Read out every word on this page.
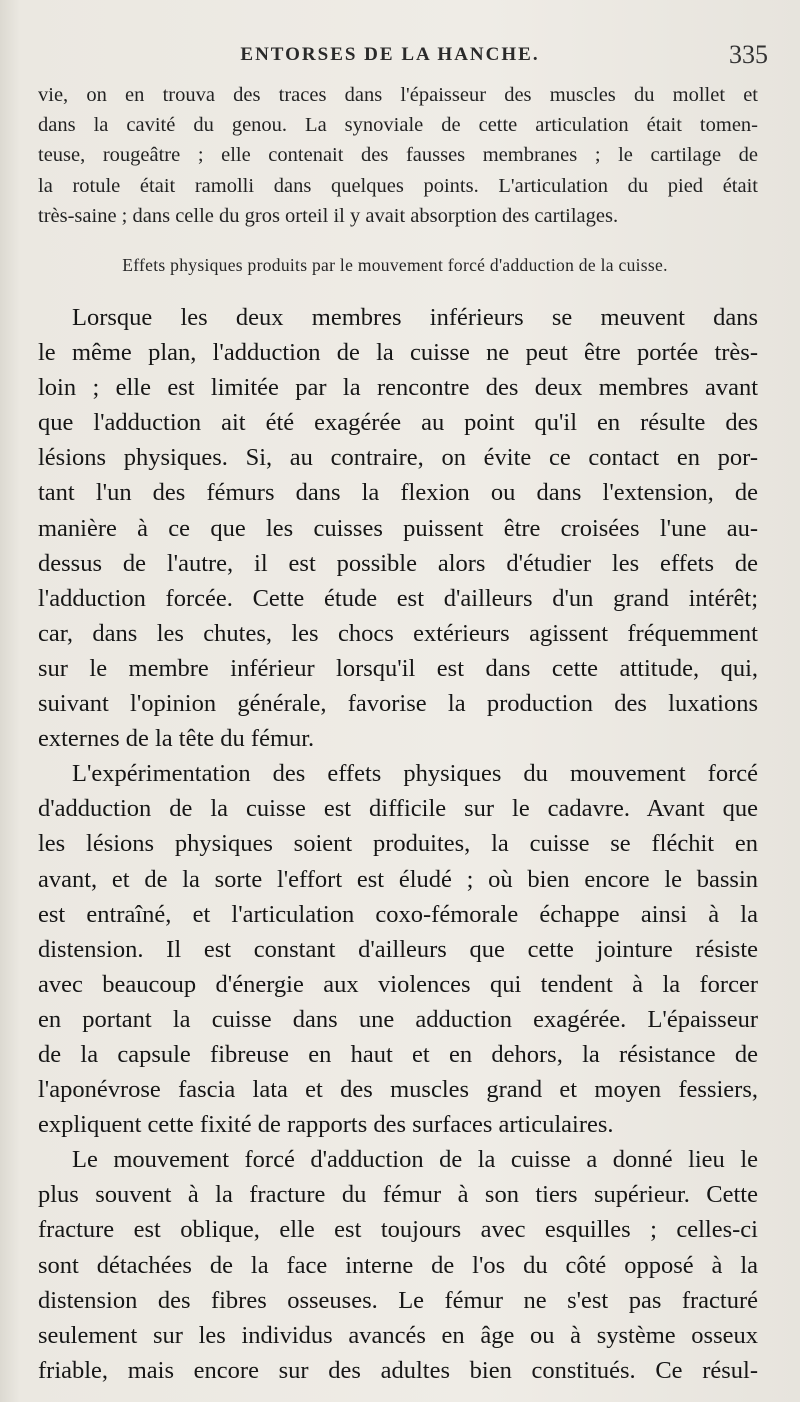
ENTORSES DE LA HANCHE.	335
vie, on en trouva des traces dans l'épaisseur des muscles du mollet et
dans la cavité du genou. La synoviale de cette articulation était tomen-
teuse, rougeâtre ; elle contenait des fausses membranes ; le cartilage de
la rotule était ramolli dans quelques points. L'articulation du pied était
très-saine ; dans celle du gros orteil il y avait absorption des cartilages.
Effets physiques produits par le mouvement forcé d'adduction de la cuisse.
Lorsque les deux membres inférieurs se meuvent dans
le même plan, l'adduction de la cuisse ne peut être portée très-
loin ; elle est limitée par la rencontre des deux membres avant
que l'adduction ait été exagérée au point qu'il en résulte des
lésions physiques. Si, au contraire, on évite ce contact en por-
tant l'un des fémurs dans la flexion ou dans l'extension, de
manière à ce que les cuisses puissent être croisées l'une au-
dessus de l'autre, il est possible alors d'étudier les effets de
l'adduction forcée. Cette étude est d'ailleurs d'un grand intérêt;
car, dans les chutes, les chocs extérieurs agissent fréquemment
sur le membre inférieur lorsqu'il est dans cette attitude, qui,
suivant l'opinion générale, favorise la production des luxations
externes de la tête du fémur.
L'expérimentation des effets physiques du mouvement forcé
d'adduction de la cuisse est difficile sur le cadavre. Avant que
les lésions physiques soient produites, la cuisse se fléchit en
avant, et de la sorte l'effort est éludé ; où bien encore le bassin
est entraîné, et l'articulation coxo-fémorale échappe ainsi à la
distension. Il est constant d'ailleurs que cette jointure résiste
avec beaucoup d'énergie aux violences qui tendent à la forcer
en portant la cuisse dans une adduction exagérée. L'épaisseur
de la capsule fibreuse en haut et en dehors, la résistance de
l'aponévrose fascia lata et des muscles grand et moyen fessiers,
expliquent cette fixité de rapports des surfaces articulaires.
Le mouvement forcé d'adduction de la cuisse a donné lieu le
plus souvent à la fracture du fémur à son tiers supérieur. Cette
fracture est oblique, elle est toujours avec esquilles ; celles-ci
sont détachées de la face interne de l'os du côté opposé à la
distension des fibres osseuses. Le fémur ne s'est pas fracturé
seulement sur les individus avancés en âge ou à système osseux
friable, mais encore sur des adultes bien constitués. Ce résul-
